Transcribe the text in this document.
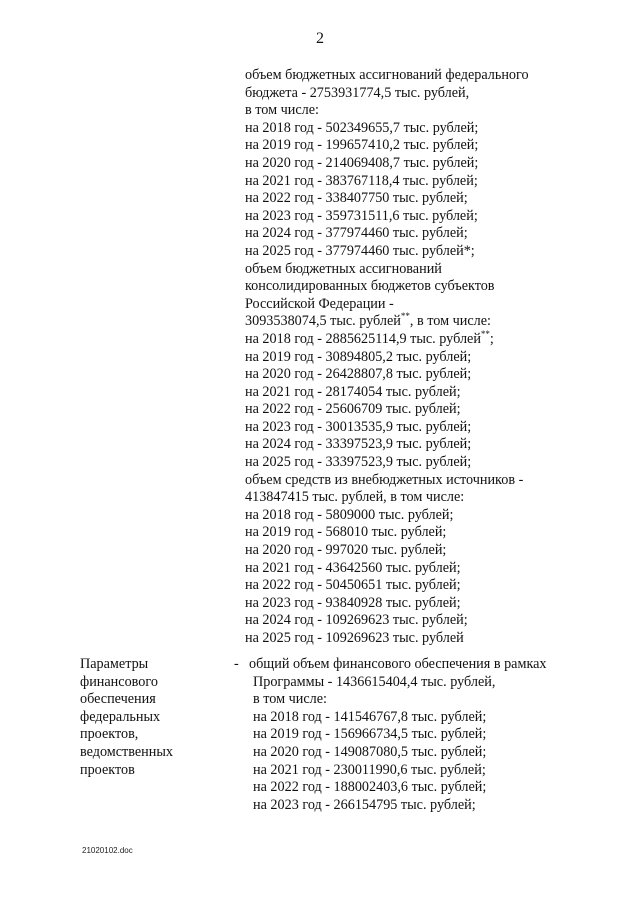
2
объем бюджетных ассигнований федерального
бюджета - 2753931774,5 тыс. рублей,
в том числе:
на 2018 год - 502349655,7 тыс. рублей;
на 2019 год - 199657410,2 тыс. рублей;
на 2020 год - 214069408,7 тыс. рублей;
на 2021 год - 383767118,4 тыс. рублей;
на 2022 год - 338407750 тыс. рублей;
на 2023 год - 359731511,6 тыс. рублей;
на 2024 год - 377974460 тыс. рублей;
на 2025 год - 377974460 тыс. рублей*;
объем бюджетных ассигнований
консолидированных бюджетов субъектов
Российской Федерации -
3093538074,5 тыс. рублей**, в том числе:
на 2018 год - 2885625114,9 тыс. рублей**;
на 2019 год - 30894805,2 тыс. рублей;
на 2020 год - 26428807,8 тыс. рублей;
на 2021 год - 28174054 тыс. рублей;
на 2022 год - 25606709 тыс. рублей;
на 2023 год - 30013535,9 тыс. рублей;
на 2024 год - 33397523,9 тыс. рублей;
на 2025 год - 33397523,9 тыс. рублей;
объем средств из внебюджетных источников -
413847415 тыс. рублей, в том числе:
на 2018 год - 5809000 тыс. рублей;
на 2019 год - 568010 тыс. рублей;
на 2020 год - 997020 тыс. рублей;
на 2021 год - 43642560 тыс. рублей;
на 2022 год - 50450651 тыс. рублей;
на 2023 год - 93840928 тыс. рублей;
на 2024 год - 109269623 тыс. рублей;
на 2025 год - 109269623 тыс. рублей
Параметры
финансового
обеспечения
федеральных
проектов,
ведомственных
проектов
- общий объем финансового обеспечения в рамках
Программы - 1436615404,4 тыс. рублей,
в том числе:
на 2018 год - 141546767,8 тыс. рублей;
на 2019 год - 156966734,5 тыс. рублей;
на 2020 год - 149087080,5 тыс. рублей;
на 2021 год - 230011990,6 тыс. рублей;
на 2022 год - 188002403,6 тыс. рублей;
на 2023 год - 266154795 тыс. рублей;
21020102.doc
